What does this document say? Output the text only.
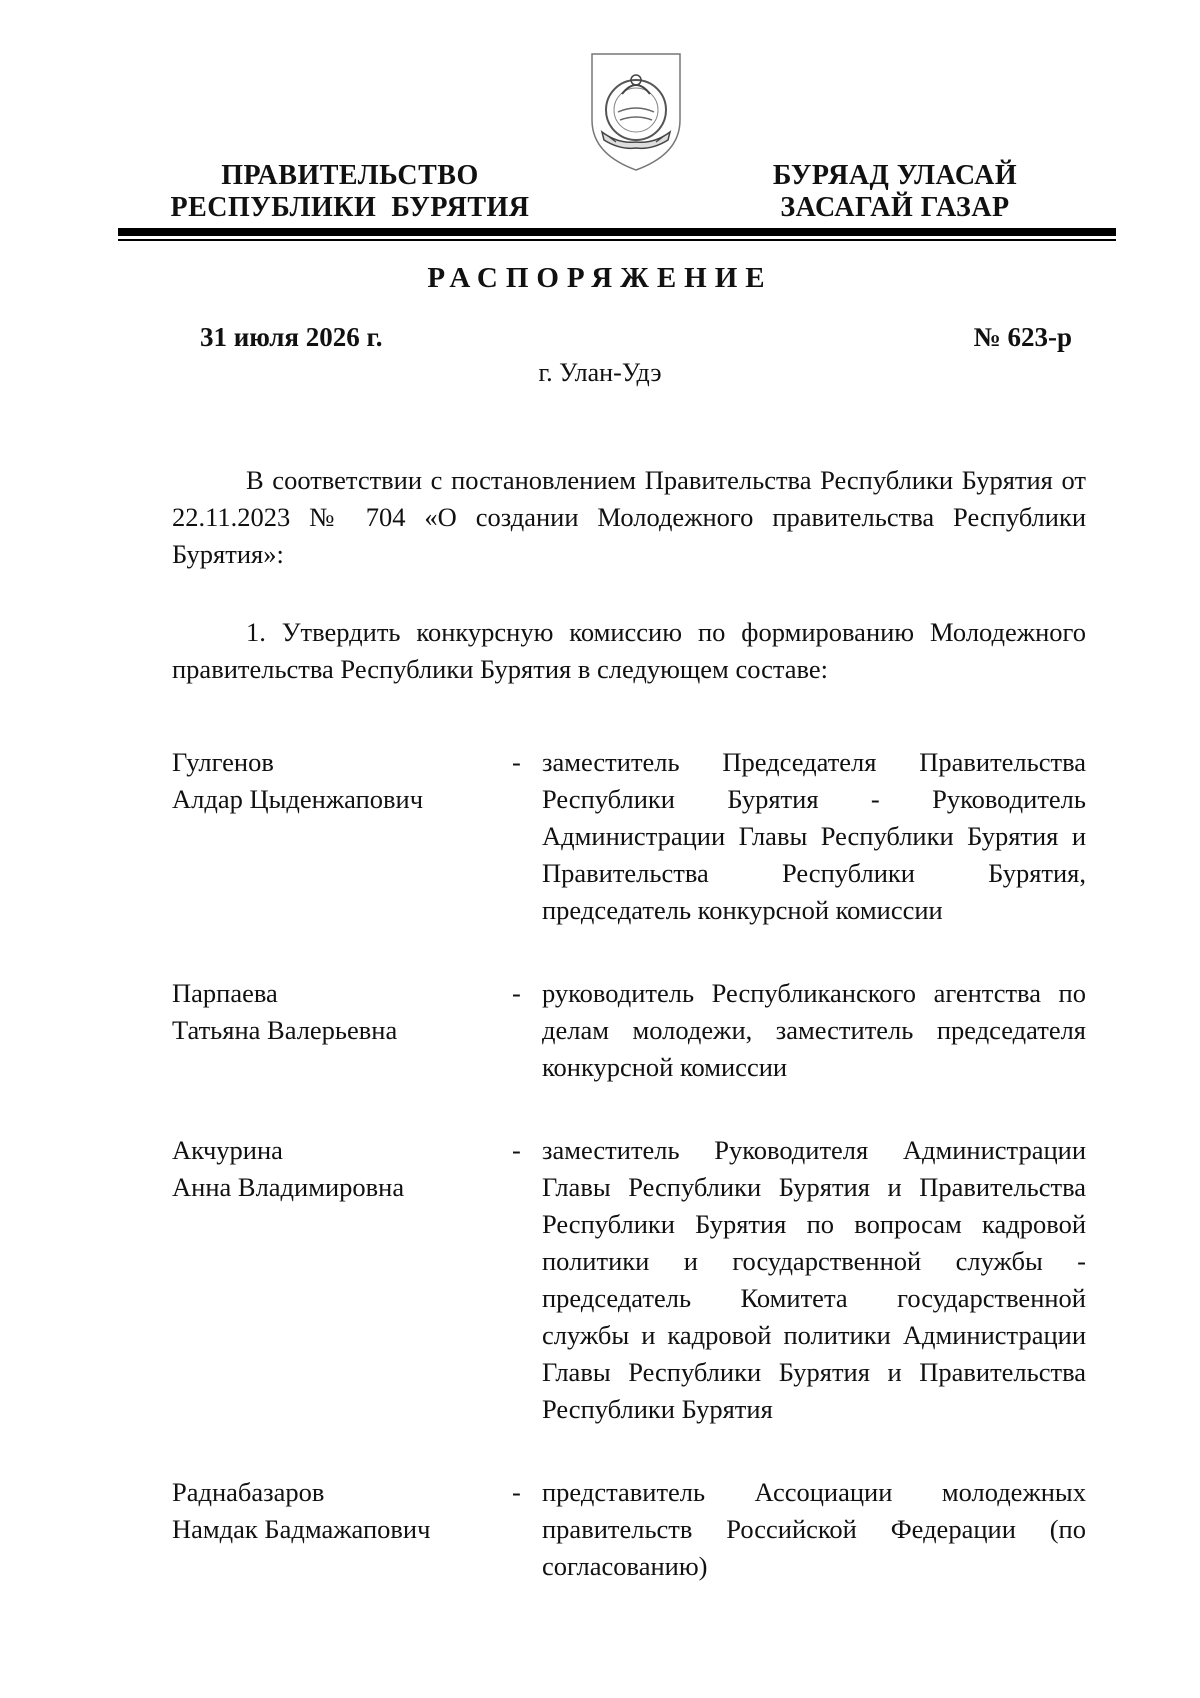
ПРАВИТЕЛЬСТВО
РЕСПУБЛИКИ  БУРЯТИЯ
БУРЯАД УЛАСАЙ
ЗАСАГАЙ ГАЗАР
РАСПОРЯЖЕНИЕ
31 июля 2026 г.	№ 623-р
г. Улан-Удэ
В соответствии с постановлением Правительства Республики Бурятия от 22.11.2023 № 704 «О создании Молодежного правительства Республики Бурятия»:
1. Утвердить конкурсную комиссию по формированию Молодежного правительства Республики Бурятия в следующем составе:
Гулгенов
Алдар Цыденжапович
- заместитель Председателя Правительства Республики Бурятия - Руководитель Администрации Главы Республики Бурятия и Правительства Республики Бурятия, председатель конкурсной комиссии
Парпаева
Татьяна Валерьевна
- руководитель Республиканского агентства по делам молодежи, заместитель председателя конкурсной комиссии
Акчурина
Анна Владимировна
- заместитель Руководителя Администрации Главы Республики Бурятия и Правительства Республики Бурятия по вопросам кадровой политики и государственной службы - председатель Комитета государственной службы и кадровой политики Администрации Главы Республики Бурятия и Правительства Республики Бурятия
Раднабазаров
Намдак Бадмажапович
- представитель Ассоциации молодежных правительств Российской Федерации (по согласованию)
